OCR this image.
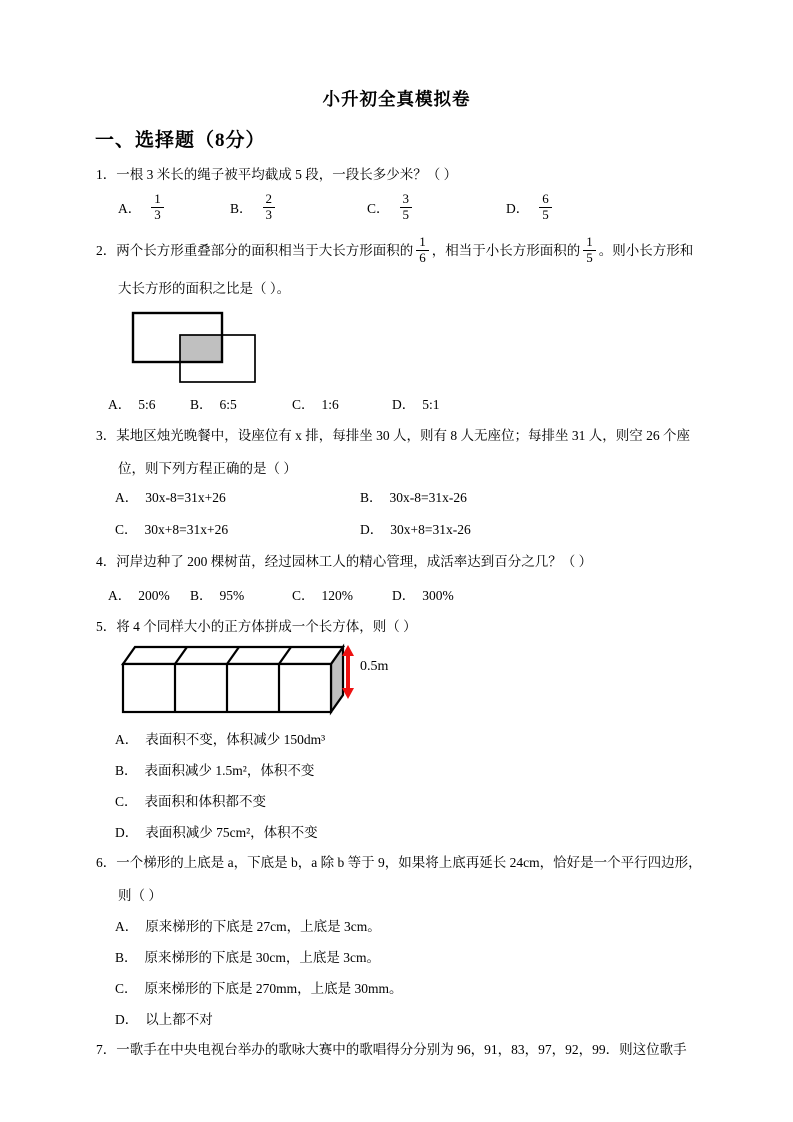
小升初全真模拟卷
一、选择题（8分）
1．一根 3 米长的绳子被平均截成 5 段，一段长多少米？（ ）
A． $\frac{1}{3}$	B． $\frac{2}{3}$	C． $\frac{3}{5}$	D． $\frac{6}{5}$
2． 两个长方形重叠部分的面积相当于大长方形面积的 $\frac{1}{6}$ ，相当于小长方形面积的 $\frac{1}{5}$ 。则小长方形和
大长方形的面积之比是（ ）。
A． 5:6	B． 6:5	C． 1:6	D． 5:1
3．某地区烛光晚餐中，设座位有 x 排，每排坐 30 人，则有 8 人无座位；每排坐 31 人，则空 26 个座
位，则下列方程正确的是（ ）
A． 30x-8=31x+26	B． 30x-8=31x-26
C． 30x+8=31x+26	D． 30x+8=31x-26
4．河岸边种了 200 棵树苗，经过园林工人的精心管理，成活率达到百分之几？（ ）
A． 200% B． 95%	C． 120%	D． 300%
5．将 4 个同样大小的正方体拼成一个长方体，则（ ）
0.5m
A． 表面积不变，体积减少 150dm³
B． 表面积减少 1.5m²，体积不变
C． 表面积和体积都不变
D． 表面积减少 75cm²，体积不变
6．一个梯形的上底是 a，下底是 b，a 除 b 等于 9，如果将上底再延长 24cm，恰好是一个平行四边形，
则（ ）
A． 原来梯形的下底是 27cm，上底是 3cm。
B． 原来梯形的下底是 30cm，上底是 3cm。
C． 原来梯形的下底是 270mm，上底是 30mm。
D． 以上都不对
7．一歌手在中央电视台举办的歌咏大赛中的歌唱得分分别为 96，91，83，97，92，99．则这位歌手
